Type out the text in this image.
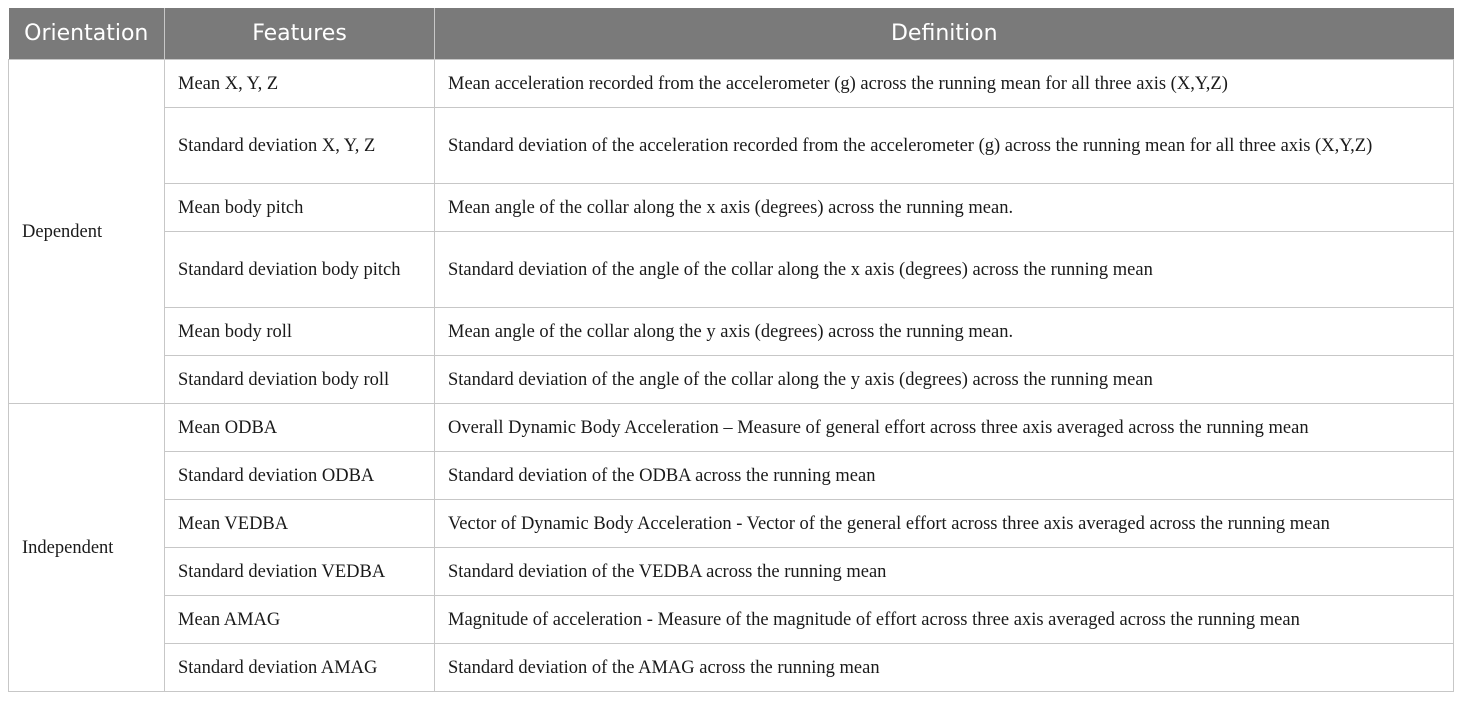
Orientation	Features	Definition
Dependent	Mean X, Y, Z	Mean acceleration recorded from the accelerometer (g) across the running mean for all three axis (X,Y,Z)
	Standard deviation X, Y, Z	Standard deviation of the acceleration recorded from the accelerometer (g) across the running mean for all three axis (X,Y,Z)
	Mean body pitch	Mean angle of the collar along the x axis (degrees) across the running mean.
	Standard deviation body pitch	Standard deviation of the angle of the collar along the x axis (degrees) across the running mean
	Mean body roll	Mean angle of the collar along the y axis (degrees) across the running mean.
	Standard deviation body roll	Standard deviation of the angle of the collar along the y axis (degrees) across the running mean
Independent	Mean ODBA	Overall Dynamic Body Acceleration – Measure of general effort across three axis averaged across the running mean
	Standard deviation ODBA	Standard deviation of the ODBA across the running mean
	Mean VEDBA	Vector of Dynamic Body Acceleration - Vector of the general effort across three axis averaged across the running mean
	Standard deviation VEDBA	Standard deviation of the VEDBA across the running mean
	Mean AMAG	Magnitude of acceleration - Measure of the magnitude of effort across three axis averaged across the running mean
	Standard deviation AMAG	Standard deviation of the AMAG across the running mean
